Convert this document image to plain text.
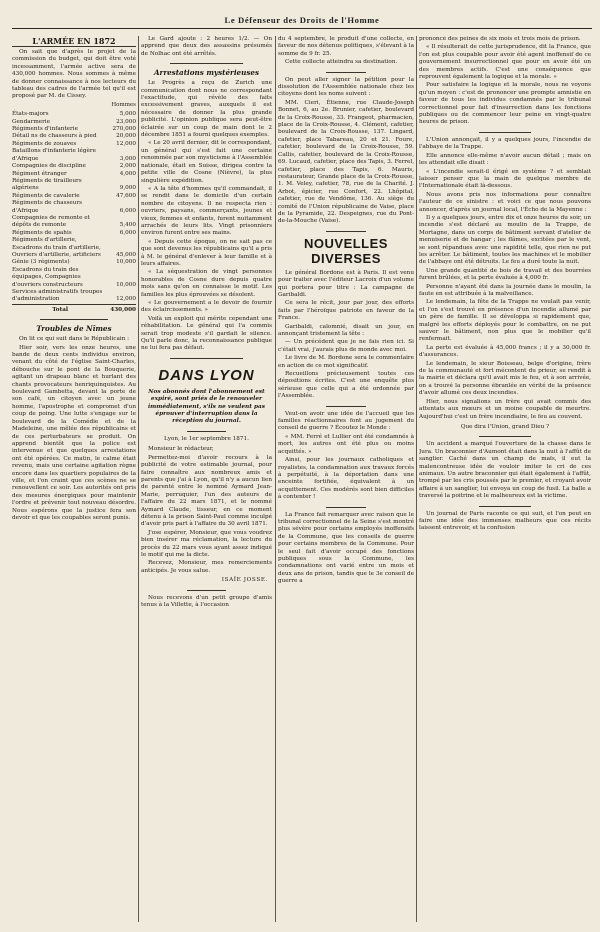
Le Défenseur des Droits de l'Homme
L'ARMÉE EN 1872

On sait que d'après le projet de la commission du budget, qui doit être voté incessamment, l'armée active sera de 430,000 hommes. Nous sommes à même de donner connaissance à nos lecteurs du tableau des cadres de l'armée tel qu'il est proposé par M. de Cissey.

Hommes
États-majors	5,000
Gendarmerie	23,000
Régiments d'infanterie	270,000
Détail ns de chasseurs à pied	20,000
Régiments de zouaves	12,000
Bataillons d'infanterie légère d'Afrique	3,000
Compagnies de discipline	2,000
Régiment étranger	4,000
Régiments de tirailleurs algériens	9,000
Régiments de cavalerie	47,600
Régiments de chasseurs d'Afrique	6,000
Compagnies de remonte et dépôts de remonte	5,400
Régiments de spahis	6,000
Régiments d'artillerie, Escadrons du train d'artillerie, Ouvriers d'artillerie, artificiers	45,000
Génie (3 régiments)	10,000
Escadrons du train des équipages, Compagnies d'ouvriers constructeurs	10,000
Services administratifs troupes d'administration	12,000
Total	430,000
Troubles de Nîmes

On lit ce qui suit dans le Républicain :

Hier soir, vers les onze heures, une bande de deux cents individus environ, venant du côté de l'église Saint-Charles, débouche sur le pont de la Bouquerie, agitant un drapeau blanc et hurlant des chants provocateurs henriquinquistes. Au boulevard Gambetta, devant la porte de son café, un citoyen avec un jeune homme, l'apostrophe et compromet d'un coup de poing. Une lutte s'engage sur le boulevard de la Comédie et de la Madeleine, une mêlée des républicains et de ces perturbateurs se produit. On apprend bientôt que la police est intervenue et que quelques arrestations ont été opérées. Ce matin, le calme était revenu, mais une certaine agitation règne encore dans les quartiers populaires de la ville, et l'on craint que ces scènes ne se renouvellent ce soir. Les autorités ont pris des mesures énergiques pour maintenir l'ordre et prévenir tout nouveau désordre. Nous espérons que la justice fera son devoir et que les coupables seront punis.

Le Gard ajoute : 2 heures 1/2. — On apprend que deux des assassins présumés de Nolhac ont été arrêtés.

Arrestations mystérieuses

Le Progrès a reçu de Zurich une communication dont nous ne correspondant l'exactitude, qui révèle des faits excessivement graves, auxquels il est nécessaire de donner la plus grande publicité. L'opinion publique sera peut-être éclairée sur un coup de main dont le 2 décembre 1851 a fourni quelques exemples.

« Le 20 avril dernier, dit le correspondant, un général qui s'est fait une certaine renommée par son mysticisme à l'Assemblée nationale, était en Suisse, dirigea contre la petite ville de Cosne (Nièvre), la plus singulière expédition.

« A la tête d'hommes qu'il commandait, il se rendit dans le domicile d'un certain nombre de citoyens. Il ne respecta rien : ouvriers, paysans, commerçants, jeunes et vieux, femmes et enfants, furent nuitamment arrachés de leurs lits. Vingt prisonniers environ furent entre ses mains.

« Depuis cette époque, on ne sait pas ce que sont devenus les républicains qu'il a pris à M. le général d'enlever à leur famille et à leurs affaires.

« La séquestration de vingt personnes honorables de Cosne dure depuis quatre mois sans qu'on en connaisse le motif. Les familles les plus éprouvées se désolent.

« Le gouvernement a le devoir de fournir des éclaircissements. »

Voilà un exploit qui mérite cependant une réhabilitation. Le général qui l'a commis serait trop modeste s'il gardait le silence. Qu'il parle donc, la reconnaissance publique ne lui fera pas défaut.

DANS LYON

Nos abonnés dont l'abonnement est expiré, sont priés de le renouveler immédiatement, s'ils ne veulent pas éprouver d'interruption dans la réception du journal.

Lyon, le 1er septembre 1871.

Monsieur le rédacteur,

Permettez-moi d'avoir recours à la publicité de votre estimable journal, pour faire connaître aux nombreux amis et parents que j'ai à Lyon, qu'il n'y a aucun lien de parenté entre le nommé Aymard Jean-Marie, perruquier, l'un des auteurs de l'affaire du 22 mars 1871, et le nommé Aymard Claude, tisseur, en ce moment détenu à la prison Saint-Paul comme inculpé d'avoir pris part à l'affaire du 30 avril 1871.

J'ose espérer, Monsieur, que vous voudrez bien insérer ma réclamation, la lecture du procès du 22 mars vous ayant assez indiqué le motif qui me la dicte.

Recevez, Monsieur, mes remerciements anticipés. Je vous salue.

ISAÏE JOSSE.

Nous recevons d'un petit groupe d'amis tenus à la Villette, à l'occasion

du 4 septembre, le produit d'une collecte, en faveur de nos détenus politiques, s'élevant à la somme de 9 fr. 25.

Cette collecte atteindra sa destination.

On peut aller signer la pétition pour la dissolution de l'Assemblée nationale chez les citoyens dont les noms suivent :

MM. Cieri, Étienne, rue Claude-Joseph Bonnet, 6, au 2e. Brunier, cafetier, boulevard de la Croix-Rousse, 33. Frangeot, pharmacien, place de la Croix-Rousse, 4. Clément, cafetier, boulevard de la Croix-Rousse, 137. Lingard, cafetier, place Tabareau, 20 et 21. Foure, cafetier, boulevard de la Croix-Rousse, 59. Callis, cafetier, boulevard de la Croix-Rousse, 69. Lucaud, cafetier, place des Tapis, 3. Ferrel, cafetier, place des Tapis, 6. Mauris, restaurateur, Grande place de la Croix-Rousse, 1. M. Veley, cafetier, 78, rue de la Charité. J. Arbot, épicier, rue Confort, 22. Lhôpital, cafetier, rue de Vendôme, 136. Au siège du comité de l'Union républicaine de Vaise, place de la Pyramide, 22. Despeignes, rue du Pont-de-la-Mouche (Vaise).

NOUVELLES DIVERSES

Le général Bordone est à Paris. Il est venu pour traiter avec l'éditeur Lacroix d'un volume qui portera pour titre : La campagne de Garibaldi.

Ce sera le récit, jour par jour, des efforts faits par l'héroïque patriote en faveur de la France.

Garibaldi, calomnié, disait un jour, en annonçant tristement la tête :

— Un précédent que je ne fais rien ici. Si c'était vrai, j'aurais plus de monde avec moi.

Le livre de M. Bordone sera le commentaire en action de ce mot significatif.

Recueillons précieusement toutes ces dépositions écrites. C'est une enquête plus sérieuse que celle qui a été ordonnée par l'Assemblée.

Veut-on avoir une idée de l'accueil que les familles réactionnaires font au jugement du conseil de guerre ? Écoutez le Monde :

« MM. Ferré et Lullier ont été condamnés à mort, les autres ont été plus ou moins acquittés. »

Ainsi, pour les journaux catholiques et royalistes, la condamnation aux travaux forcés à perpétuité, à la déportation dans une enceinte fortifiée, équivalent à un acquittement. Ces modérés sont bien difficiles à contenter !

La France fait remarquer avec raison que le tribunal correctionnel de la Seine s'est montré plus sévère pour certains employés inoffensifs de la Commune, que les conseils de guerre pour certains membres de la Commune. Pour le seul fait d'avoir occupé des fonctions publiques sous la Commune, les condamnations ont varié entre un mois et deux ans de prison, tandis que le 3e conseil de guerre a

prononcé des peines de six mois et trois mois de prison.

« Il résulterait de cette jurisprudence, dit la France, que l'on est plus coupable pour avoir été agent inoffensif de ce gouvernement insurrectionnel que pour en avoir été un des membres actifs. C'est une conséquence que reprouvent également la logique et la morale. »

Pour satisfaire la logique et la morale, nous ne voyons qu'un moyen : c'est de prononcer une prompte amnistie en faveur de tous les individus condamnés par le tribunal correctionnel pour fait d'insurrection dans les fonctions publiques ou de commencer leur peine en vingt-quatre heures de prison.

L'Union annonçait, il y a quelques jours, l'incendie de l'abbaye de la Trappe.

Elle annonce elle-même n'avoir aucun détail ; mais on les attendait elle disait :

« L'incendie serait-il érigé en système ? et semblait laisser penser que la main de quelque membre de l'Internationale était là-dessous.

Nous avons pris nos informations pour connaître l'auteur de ce sinistre : et voici ce que nous pouvons annoncer, d'après un journal local, l'Écho de la Mayenne :

Il y a quelques jours, entre dix et onze heures du soir, un incendie s'est déclaré au moulin de la Trappe, de Mortagne, dans un corps de bâtiment servant d'atelier de menuiserie et de hangar ; les flâmes, excitées par le vent, se sont répandues avec une rapidité telle, que rien ne put les arrêter. Le bâtiment, toutes les machines et le mobilier de l'abbaye ont été détruits. Le feu a duré toute la nuit.

Une grande quantité de bois de travail et des bourrées furent brûlées, et la perte évaluée à 4,000 fr.

Personne n'ayant été dans la journée dans le moulin, la faute en est attribuée à la malveillance.

Le lendemain, la fête de la Trappe ne voulait pas venir, et l'on s'est trouvé en présence d'un incendie allumé par un père de famille. Il se développa si rapidement que, malgré les efforts déployés pour le combattre, on ne put sauver le bâtiment, non plus que le mobilier qu'il renfermait.

La perte est évaluée à 45,000 francs ; il y a 30,000 fr. d'assurances.

Le lendemain, le sieur Boisseau, belge d'origine, frère de la communauté et fort mécontent du prieur, se rendit à la mairie et déclara qu'il avait mis le feu, et à son arrivée, on a trouvé la personne ébranlée en vérité de la présence d'avoir allumé ces deux incendies.

Hier, nous signalions un frère qui avait commis des attentats aux mœurs et un moine coupable de meurtre. Aujourd'hui c'est un frère incendiaire, le feu au couvent.

Que dira l'Union, grand Dieu ?

Un accident a marqué l'ouverture de la chasse dans le Jura. Un braconnier d'Aumont était dans la nuit à l'affût de sanglier. Caché dans un champ de maïs, il eut la malencontreuse idée de vouloir imiter le cri de ces animaux. Un autre braconnier qui était également à l'affût, trompé par les cris poussés par le premier, et croyant avoir affaire à un sanglier, lui envoya un coup de fusil. La balle a traversé la poitrine et le malheureux est la victime.

Un journal de Paris raconte ce qui suit, et l'on peut en faire une idée des immenses malheurs que ces récits laissent entrevoir, et la confusion
